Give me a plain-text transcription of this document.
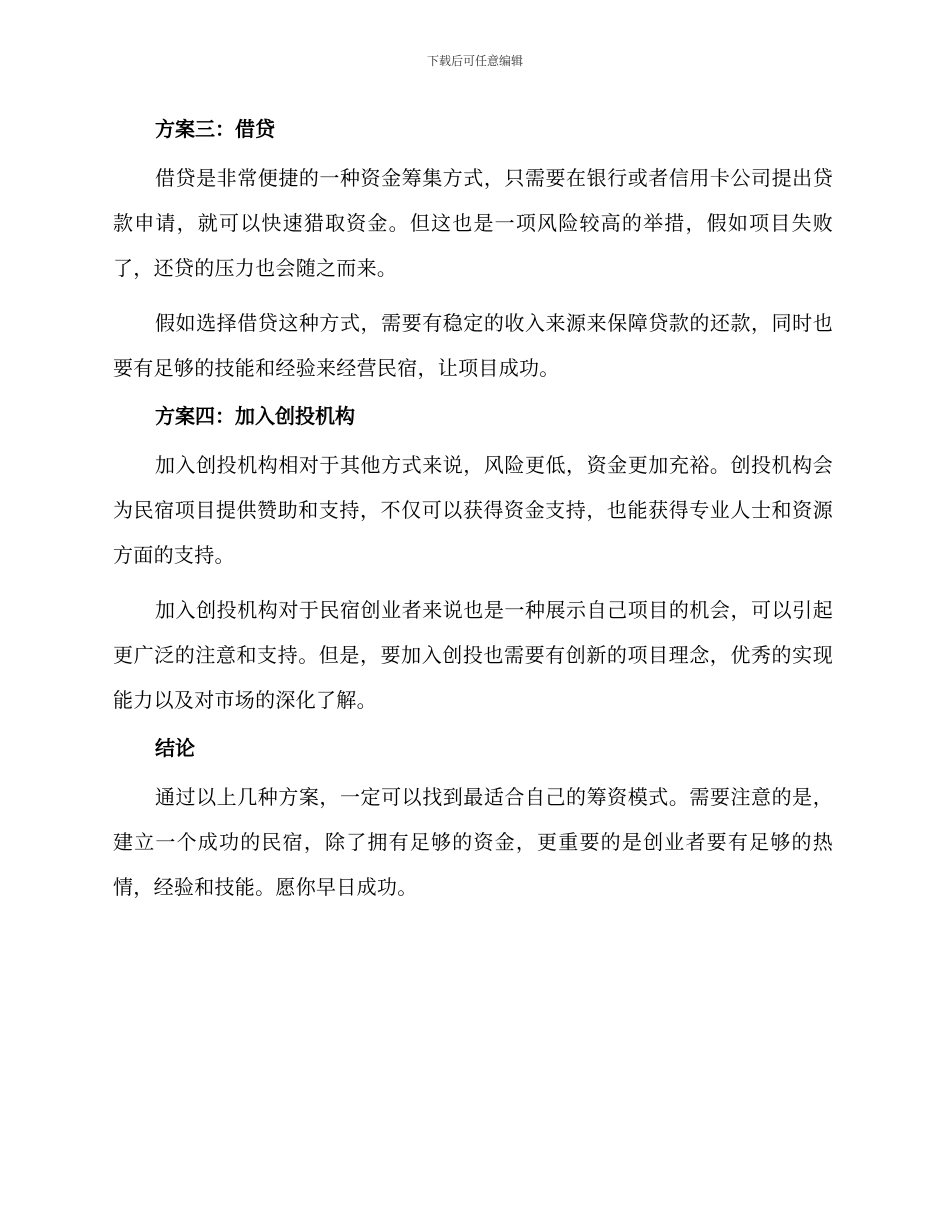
下载后可任意编辑
方案三：借贷

借贷是非常便捷的一种资金筹集方式，只需要在银行或者信用卡公司提出贷款申请，就可以快速猎取资金。但这也是一项风险较高的举措，假如项目失败了，还贷的压力也会随之而来。

假如选择借贷这种方式，需要有稳定的收入来源来保障贷款的还款，同时也要有足够的技能和经验来经营民宿，让项目成功。

方案四：加入创投机构

加入创投机构相对于其他方式来说，风险更低，资金更加充裕。创投机构会为民宿项目提供赞助和支持，不仅可以获得资金支持，也能获得专业人士和资源方面的支持。

加入创投机构对于民宿创业者来说也是一种展示自己项目的机会，可以引起更广泛的注意和支持。但是，要加入创投也需要有创新的项目理念，优秀的实现能力以及对市场的深化了解。

结论

通过以上几种方案，一定可以找到最适合自己的筹资模式。需要注意的是，建立一个成功的民宿，除了拥有足够的资金，更重要的是创业者要有足够的热情，经验和技能。愿你早日成功。
